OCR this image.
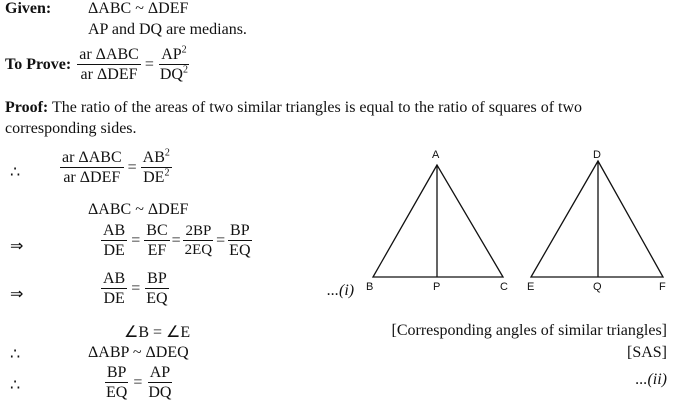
Given: ΔABC ~ ΔDEF
AP and DQ are medians.
To Prove: $\frac{\text{ar ΔABC}}{\text{ar ΔDEF}} = \frac{AP^2}{DQ^2}$
Proof: The ratio of the areas of two similar triangles is equal to the ratio of squares of two
corresponding sides.
∴ $\frac{\text{ar ΔABC}}{\text{ar ΔDEF}} = \frac{AB^2}{DE^2}$
ΔABC ~ ΔDEF
⇒	$\frac{AB}{DE} = \frac{BC}{EF} = \frac{2BP}{2EQ} = \frac{BP}{EQ}$
⇒	$\frac{AB}{DE} = \frac{BP}{EQ}$	...(i)
∠B = ∠E	[Corresponding angles of similar triangles]
∴	ΔABP ~ ΔDEQ	[SAS]
∴	$\frac{BP}{EQ} = \frac{AP}{DQ}$	...(ii)
A
B	P	C
D
E	Q	F
